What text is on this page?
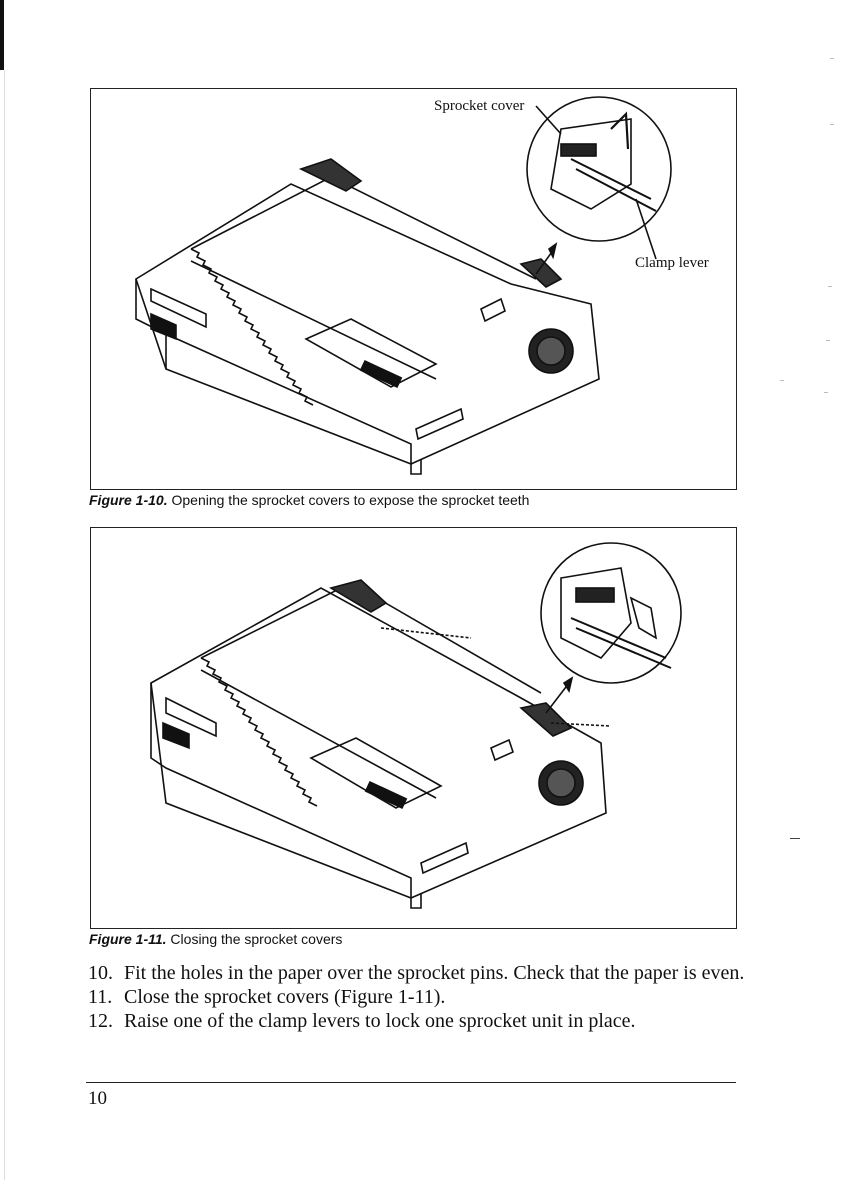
Sprocket cover
Clamp lever
Figure 1-10. Opening the sprocket covers to expose the sprocket teeth
Figure 1-11. Closing the sprocket covers
10. Fit the holes in the paper over the sprocket pins. Check that the paper is even.
11. Close the sprocket covers (Figure 1-11).
12. Raise one of the clamp levers to lock one sprocket unit in place.
10
